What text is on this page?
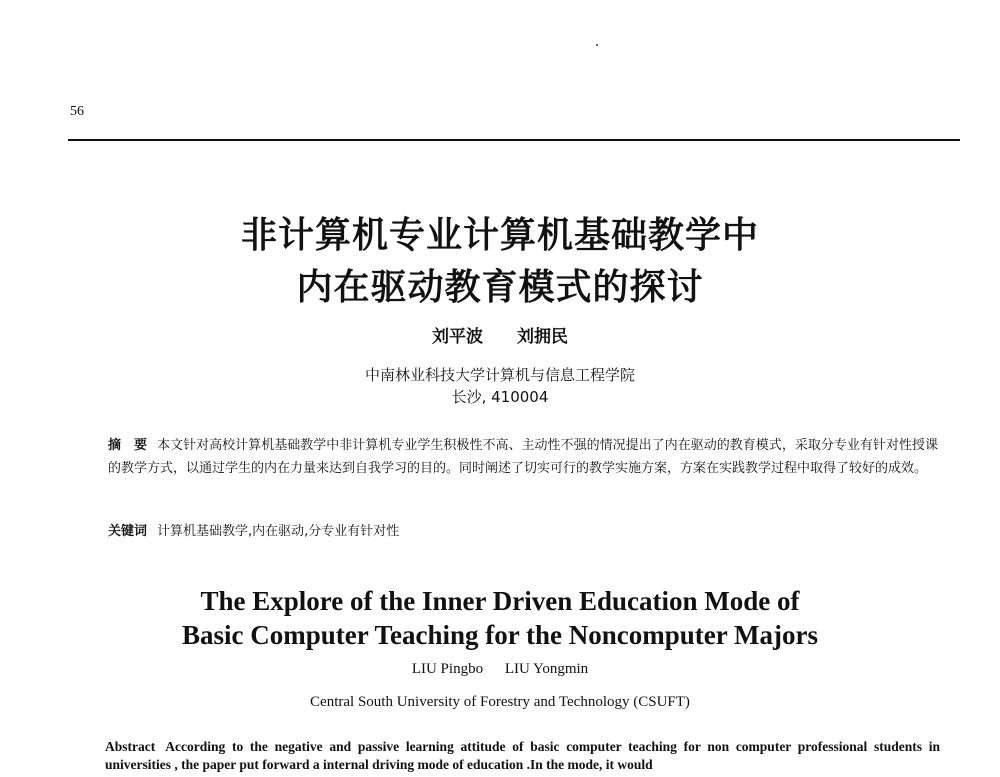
56
非计算机专业计算机基础教学中
内在驱动教育模式的探讨
刘平波 刘拥民
中南林业科技大学计算机与信息工程学院
长沙, 410004
摘　要 本文针对高校计算机基础教学中非计算机专业学生积极性不高、主动性不强的情况提出了内在驱动的教育模式，采取分专业有针对性授课的教学方式，以通过学生的内在力量来达到自我学习的目的。同时阐述了切实可行的教学实施方案，方案在实践教学过程中取得了较好的成效。
关键词 计算机基础教学,内在驱动,分专业有针对性
The Explore of the Inner Driven Education Mode of
Basic Computer Teaching for the Noncomputer Majors
LIU Pingbo LIU Yongmin
Central South University of Forestry and Technology (CSUFT)
Abstract According to the negative and passive learning attitude of basic computer teaching for non computer professional students in universities , the paper put forward a internal driving mode of education .In the mode, it would
